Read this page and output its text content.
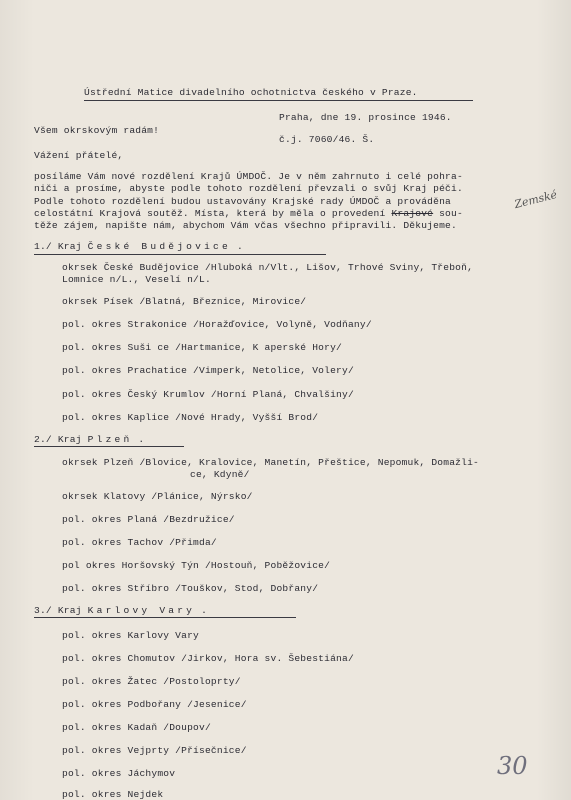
Ústřední Matice divadelního ochotnictva českého v Praze.
Praha, dne 19. prosince 1946.
č.j. 7060/46. Š.
Všem okrskovým radám!
Vážení přátelé,
posíláme Vám nové rozdělení Krajů ÚMDOČ. Je v něm zahrnuto i celé pohra-
niči a prosíme, abyste podle tohoto rozdělení převzali o svůj Kraj péči.
Podle tohoto rozdělení budou ustavovány Krajské rady ÚMDOČ a prováděna
celostátní Krajová soutěž. Místa, která by měla o provedení Krajové sou-
Zemské
těže zájem, napište nám, abychom Vám včas všechno připravili. Děkujeme.
1./ Kraj České Budějovice .
okrsek České Budějovice /Hluboká n/Vlt., Lišov, Trhové Sviny, Třeboň,
Lomnice n/L., Veselí n/L.
okrsek Písek /Blatná, Březnice, Mirovice/
pol. okres Strakonice /Horažďovice, Volyně, Vodňany/
pol. okres Suši ce /Hartmanice, K aperské Hory/
pol. okres Prachatice /Vimperk, Netolice, Volery/
pol. okres Český Krumlov /Horní Planá, Chvalšiny/
pol. okres Kaplice /Nové Hrady, Vyšší Brod/
2./ Kraj Plzeň .
okrsek Plzeň /Blovice, Kralovice, Manetín, Přeštice, Nepomuk, Domažli-
ce, Kdyně/
okrsek Klatovy /Plánice, Nýrsko/
pol. okres Planá /Bezdružice/
pol. okres Tachov /Přimda/
pol okres Horšovský Týn /Hostouň, Poběžovice/
pol. okres Stříbro /Touškov, Stod, Dobřany/
3./ Kraj Karlovy Vary .
pol. okres Karlovy Vary
pol. okres Chomutov /Jirkov, Hora sv. Šebestiána/
pol. okres Žatec /Postoloprty/
pol. okres Podbořany /Jesenice/
pol. okres Kadaň /Doupov/
pol. okres Vejprty /Přísečnice/
pol. okres Jáchymov
pol. okres Nejdek
30
